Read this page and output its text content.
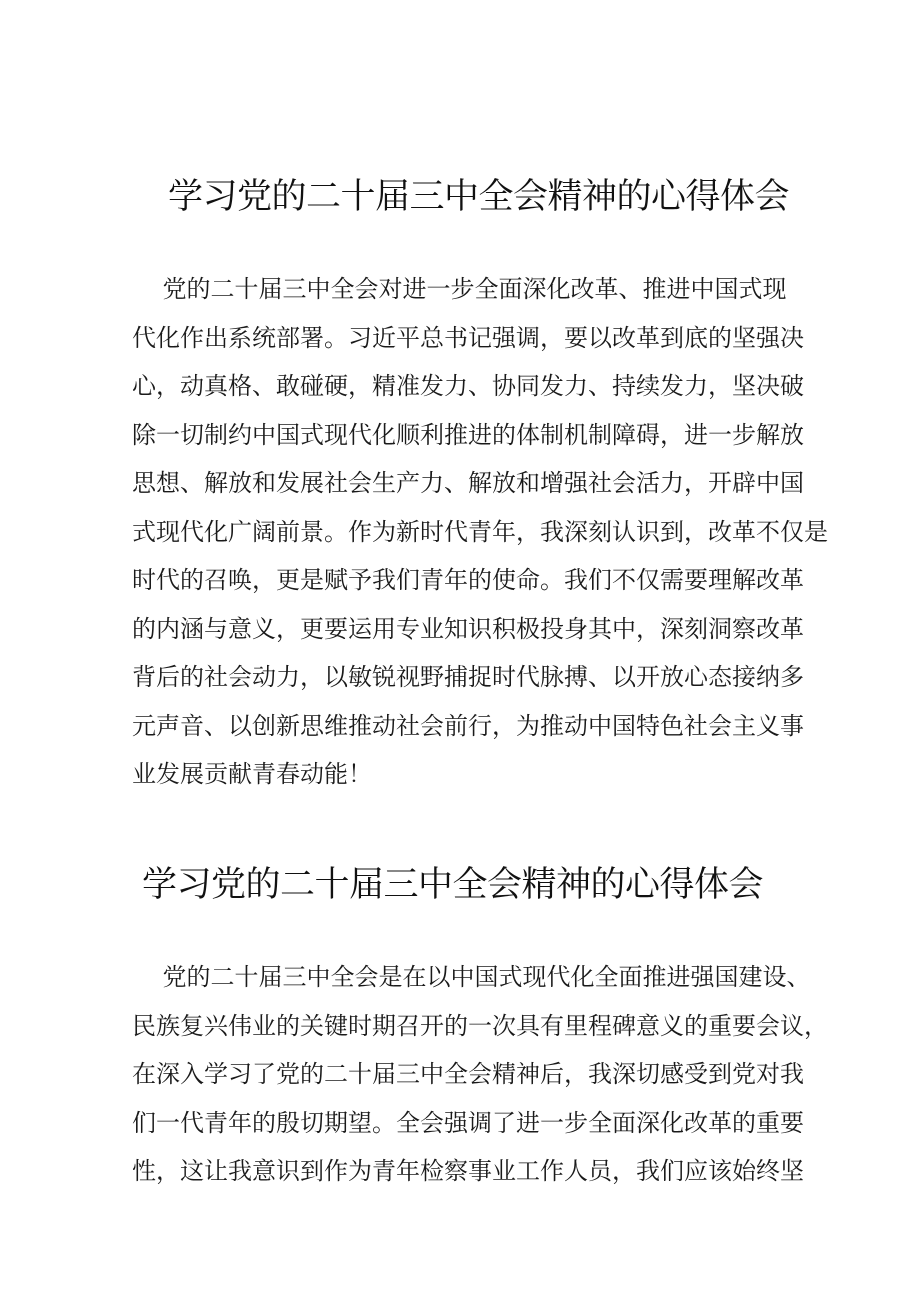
学习党的二十届三中全会精神的心得体会
党的二十届三中全会对进一步全面深化改革、推进中国式现
代化作出系统部署。习近平总书记强调，要以改革到底的坚强决
心，动真格、敢碰硬，精准发力、协同发力、持续发力，坚决破
除一切制约中国式现代化顺利推进的体制机制障碍，进一步解放
思想、解放和发展社会生产力、解放和增强社会活力，开辟中国
式现代化广阔前景。作为新时代青年，我深刻认识到，改革不仅是
时代的召唤，更是赋予我们青年的使命。我们不仅需要理解改革
的内涵与意义，更要运用专业知识积极投身其中，深刻洞察改革
背后的社会动力，以敏锐视野捕捉时代脉搏、以开放心态接纳多
元声音、以创新思维推动社会前行，为推动中国特色社会主义事
业发展贡献青春动能！
学习党的二十届三中全会精神的心得体会
党的二十届三中全会是在以中国式现代化全面推进强国建设、
民族复兴伟业的关键时期召开的一次具有里程碑意义的重要会议，
在深入学习了党的二十届三中全会精神后，我深切感受到党对我
们一代青年的殷切期望。全会强调了进一步全面深化改革的重要
性，这让我意识到作为青年检察事业工作人员，我们应该始终坚
